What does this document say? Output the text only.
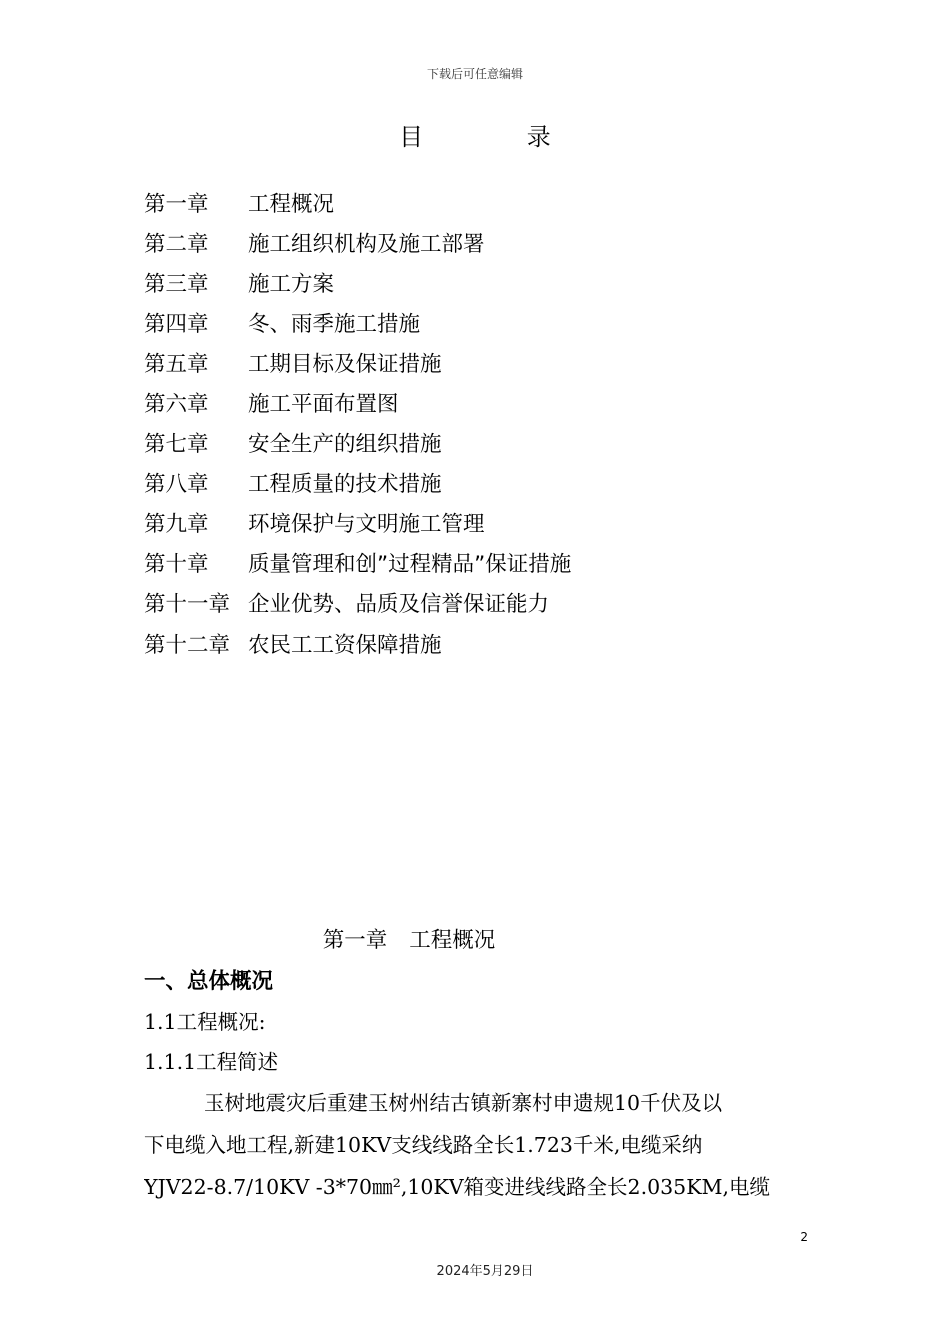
下载后可任意编辑
目 录
第一章	工程概况
第二章	施工组织机构及施工部署
第三章	施工方案
第四章	冬、雨季施工措施
第五章	工期目标及保证措施
第六章	施工平面布置图
第七章	安全生产的组织措施
第八章	工程质量的技术措施
第九章	环境保护与文明施工管理
第十章	质量管理和创”过程精品”保证措施
第十一章 企业优势、品质及信誉保证能力
第十二章 农民工工资保障措施
第一章 工程概况
一、总体概况
1.1工程概况:
1.1.1工程简述
玉树地震灾后重建玉树州结古镇新寨村申遗规10千伏及以
下电缆入地工程,新建10KV支线线路全长1.723千米,电缆采纳
YJV22-8.7/10KV -3*70㎜²,10KV箱变进线线路全长2.035KM,电缆
2
2024年5月29日
